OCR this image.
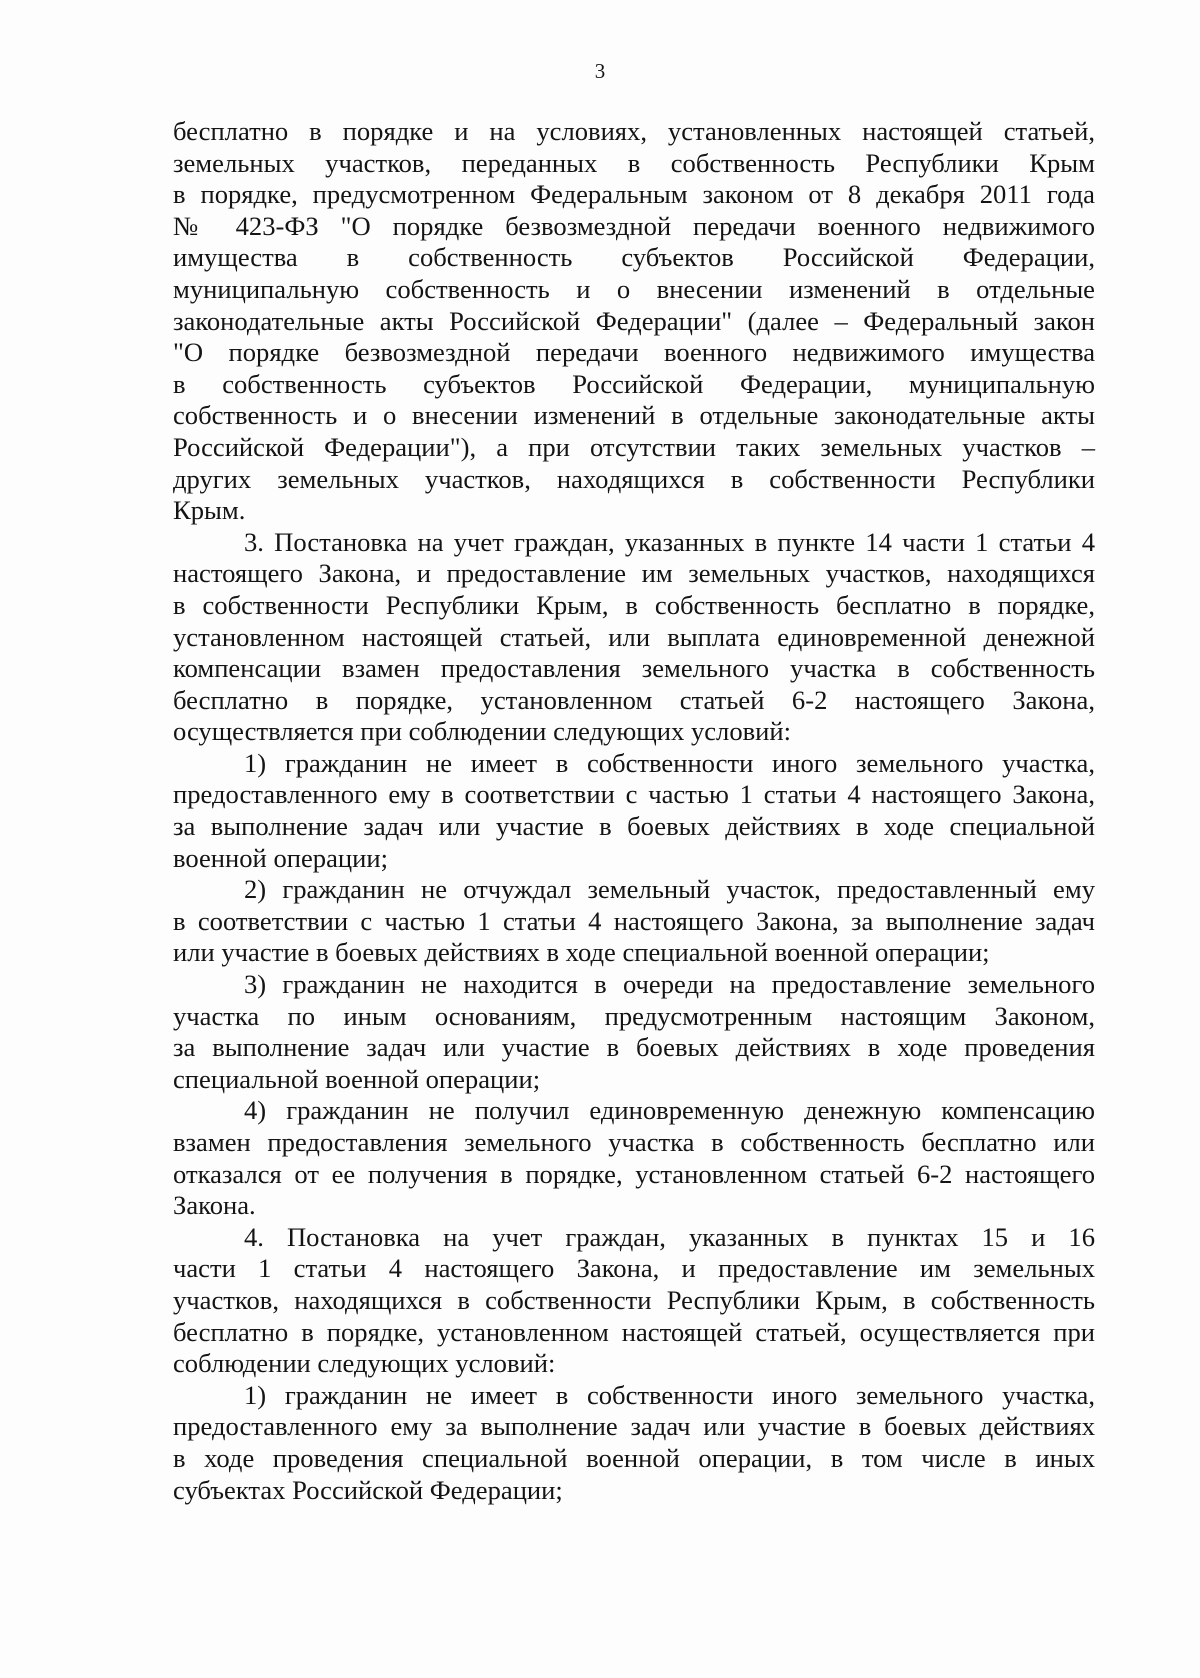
3
бесплатно в порядке и на условиях, установленных настоящей статьей,
земельных участков, переданных в собственность Республики Крым
в порядке, предусмотренном Федеральным законом от 8 декабря 2011 года
№ 423-ФЗ "О порядке безвозмездной передачи военного недвижимого
имущества в собственность субъектов Российской Федерации,
муниципальную собственность и о внесении изменений в отдельные
законодательные акты Российской Федерации" (далее – Федеральный закон
"О порядке безвозмездной передачи военного недвижимого имущества
в собственность субъектов Российской Федерации, муниципальную
собственность и о внесении изменений в отдельные законодательные акты
Российской Федерации"), а при отсутствии таких земельных участков –
других земельных участков, находящихся в собственности Республики
Крым.
3. Постановка на учет граждан, указанных в пункте 14 части 1 статьи 4
настоящего Закона, и предоставление им земельных участков, находящихся
в собственности Республики Крым, в собственность бесплатно в порядке,
установленном настоящей статьей, или выплата единовременной денежной
компенсации взамен предоставления земельного участка в собственность
бесплатно в порядке, установленном статьей 6-2 настоящего Закона,
осуществляется при соблюдении следующих условий:
1) гражданин не имеет в собственности иного земельного участка,
предоставленного ему в соответствии с частью 1 статьи 4 настоящего Закона,
за выполнение задач или участие в боевых действиях в ходе специальной
военной операции;
2) гражданин не отчуждал земельный участок, предоставленный ему
в соответствии с частью 1 статьи 4 настоящего Закона, за выполнение задач
или участие в боевых действиях в ходе специальной военной операции;
3) гражданин не находится в очереди на предоставление земельного
участка по иным основаниям, предусмотренным настоящим Законом,
за выполнение задач или участие в боевых действиях в ходе проведения
специальной военной операции;
4) гражданин не получил единовременную денежную компенсацию
взамен предоставления земельного участка в собственность бесплатно или
отказался от ее получения в порядке, установленном статьей 6-2 настоящего
Закона.
4. Постановка на учет граждан, указанных в пунктах 15 и 16
части 1 статьи 4 настоящего Закона, и предоставление им земельных
участков, находящихся в собственности Республики Крым, в собственность
бесплатно в порядке, установленном настоящей статьей, осуществляется при
соблюдении следующих условий:
1) гражданин не имеет в собственности иного земельного участка,
предоставленного ему за выполнение задач или участие в боевых действиях
в ходе проведения специальной военной операции, в том числе в иных
субъектах Российской Федерации;
